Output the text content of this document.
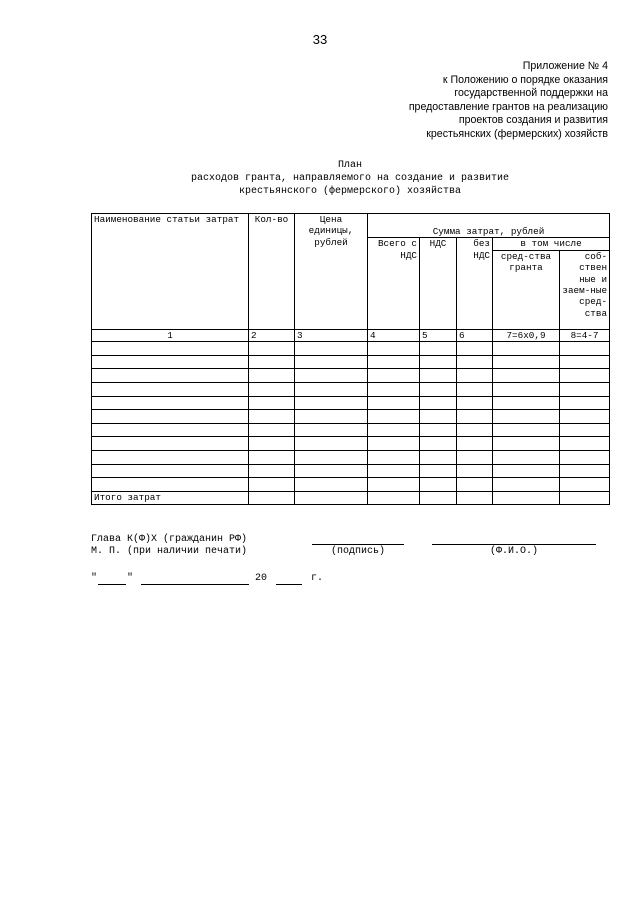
33
Приложение № 4
к Положению о порядке оказания
государственной поддержки на
предоставление грантов на реализацию
проектов создания и развития
крестьянских (фермерских) хозяйств
План
расходов гранта, направляемого на создание и развитие
крестьянского (фермерского) хозяйства
Наименование статьи затрат	Кол-во	Цена единицы, рублей	Сумма затрат, рублей				
			Всего с НДС	НДС	без НДС	в том числе	
						сред-ства гранта	соб-ствен ные и заем-ные сред-ства
1	2	3	4	5	6	7=6х0,9	8=4-7

Итого затрат							
Глава К(Ф)Х (гражданин РФ)
М. П. (при наличии печати)	(подпись)	(Ф.И.О.)
"	"	20	г.
